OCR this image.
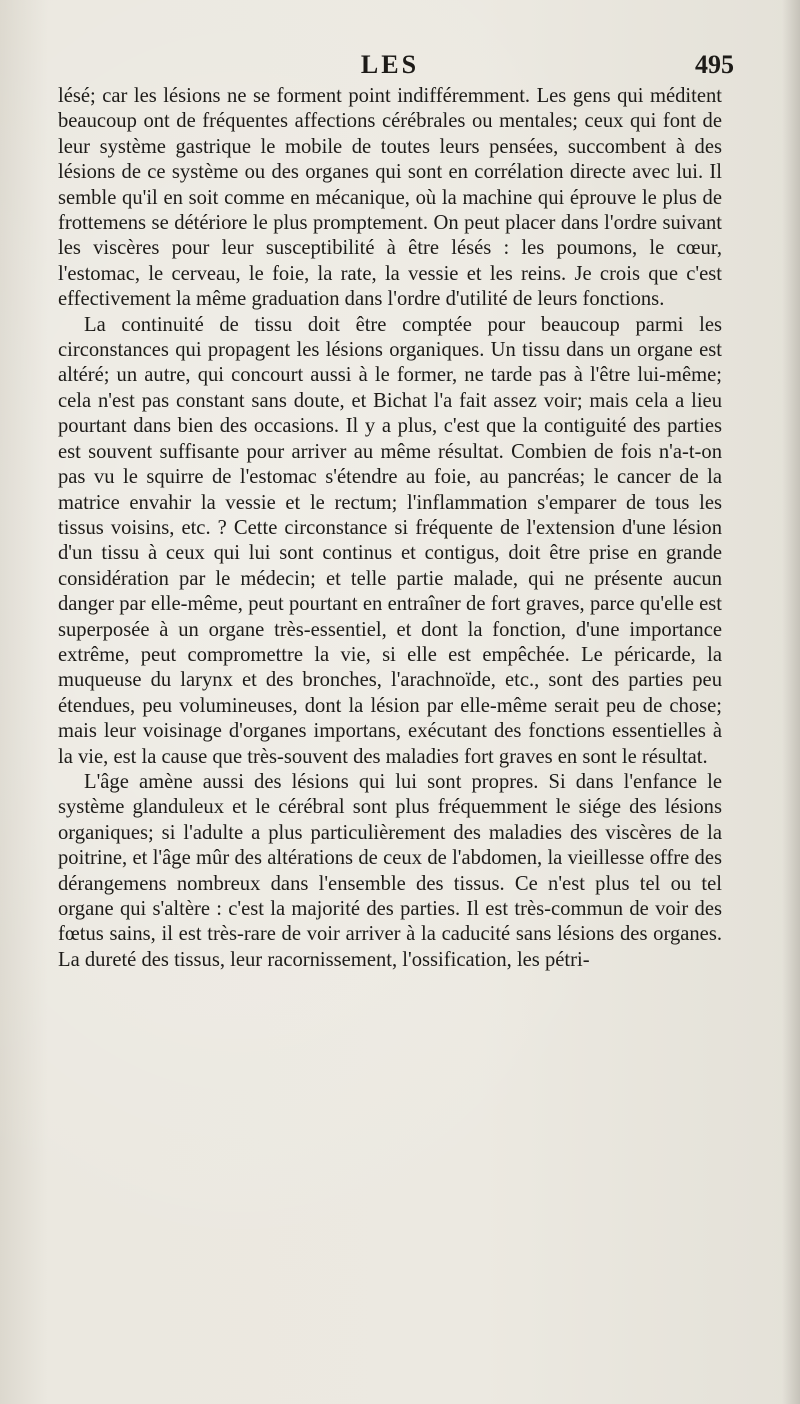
LES	495

lésé; car les lésions ne se forment point indifféremment. Les gens qui méditent beaucoup ont de fréquentes affections cérébrales ou mentales; ceux qui font de leur système gastrique le mobile de toutes leurs pensées, succombent à des lésions de ce système ou des organes qui sont en corrélation directe avec lui. Il semble qu'il en soit comme en mécanique, où la machine qui éprouve le plus de frottemens se détériore le plus promptement. On peut placer dans l'ordre suivant les viscères pour leur susceptibilité à être lésés : les poumons, le cœur, l'estomac, le cerveau, le foie, la rate, la vessie et les reins. Je crois que c'est effectivement la même graduation dans l'ordre d'utilité de leurs fonctions.

La continuité de tissu doit être comptée pour beaucoup parmi les circonstances qui propagent les lésions organiques. Un tissu dans un organe est altéré; un autre, qui concourt aussi à le former, ne tarde pas à l'être lui-même; cela n'est pas constant sans doute, et Bichat l'a fait assez voir; mais cela a lieu pourtant dans bien des occasions. Il y a plus, c'est que la contiguité des parties est souvent suffisante pour arriver au même résultat. Combien de fois n'a-t-on pas vu le squirre de l'estomac s'étendre au foie, au pancréas; le cancer de la matrice envahir la vessie et le rectum; l'inflammation s'emparer de tous les tissus voisins, etc. ? Cette circonstance si fréquente de l'extension d'une lésion d'un tissu à ceux qui lui sont continus et contigus, doit être prise en grande considération par le médecin; et telle partie malade, qui ne présente aucun danger par elle-même, peut pourtant en entraîner de fort graves, parce qu'elle est superposée à un organe très-essentiel, et dont la fonction, d'une importance extrême, peut compromettre la vie, si elle est empêchée. Le péricarde, la muqueuse du larynx et des bronches, l'arachnoïde, etc., sont des parties peu étendues, peu volumineuses, dont la lésion par elle-même serait peu de chose; mais leur voisinage d'organes importans, exécutant des fonctions essentielles à la vie, est la cause que très-souvent des maladies fort graves en sont le résultat.

L'âge amène aussi des lésions qui lui sont propres. Si dans l'enfance le système glanduleux et le cérébral sont plus fréquemment le siége des lésions organiques; si l'adulte a plus particulièrement des maladies des viscères de la poitrine, et l'âge mûr des altérations de ceux de l'abdomen, la vieillesse offre des dérangemens nombreux dans l'ensemble des tissus. Ce n'est plus tel ou tel organe qui s'altère : c'est la majorité des parties. Il est très-commun de voir des fœtus sains, il est très-rare de voir arriver à la caducité sans lésions des organes. La dureté des tissus, leur racornissement, l'ossification, les pétri-
